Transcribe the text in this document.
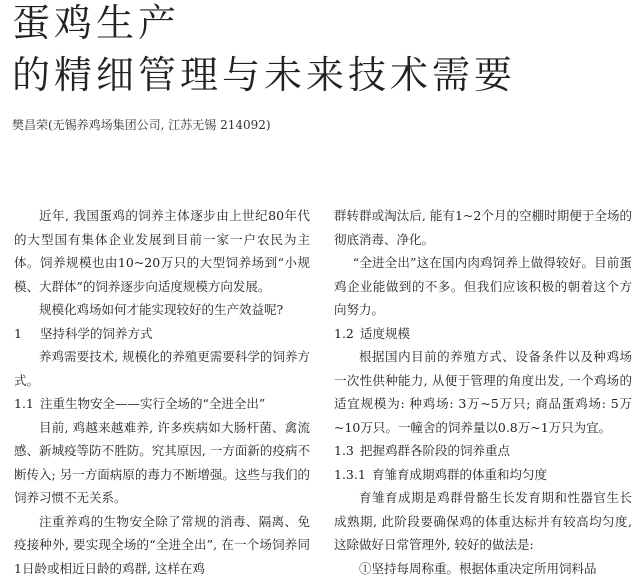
蛋鸡生产
的精细管理与未来技术需要
樊昌荣(无锡养鸡场集团公司, 江苏无锡 214092)

近年, 我国蛋鸡的饲养主体逐步由上世纪80年代的大型国有集体企业发展到目前一家一户农民为主体。饲养规模也由10~20万只的大型饲养场到“小规模、大群体”的饲养逐步向适度规模方向发展。

规模化鸡场如何才能实现较好的生产效益呢?

1 坚持科学的饲养方式

养鸡需要技术, 规模化的养殖更需要科学的饲养方式。

1.1 注重生物安全——实行全场的“全进全出”

目前, 鸡越来越难养, 许多疾病如大肠杆菌、禽流感、新城疫等防不胜防。究其原因, 一方面新的疫病不断传入; 另一方面病原的毒力不断增强。这些与我们的饲养习惯不无关系。

注重养鸡的生物安全除了常规的消毒、隔离、免疫接种外, 要实现全场的“全进全出”, 在一个场饲养同1日龄或相近日龄的鸡群, 这样在鸡

群转群或淘汰后, 能有1~2个月的空棚时期便于全场的彻底消毒、净化。

“全进全出”这在国内肉鸡饲养上做得较好。目前蛋鸡企业能做到的不多。但我们应该积极的朝着这个方向努力。

1.2 适度规模

根据国内目前的养殖方式、设备条件以及种鸡场一次性供种能力, 从便于管理的角度出发, 一个鸡场的适宜规模为: 种鸡场: 3万~5万只; 商品蛋鸡场: 5万~10万只。一幢舍的饲养量以0.8万~1万只为宜。

1.3 把握鸡群各阶段的饲养重点

1.3.1 育雏育成期鸡群的体重和均匀度

育雏育成期是鸡群骨骼生长发育期和性器官生长成熟期, 此阶段要确保鸡的体重达标并有较高均匀度, 这除做好日常管理外, 较好的做法是:

①坚持每周称重。根据体重决定所用饲料品
